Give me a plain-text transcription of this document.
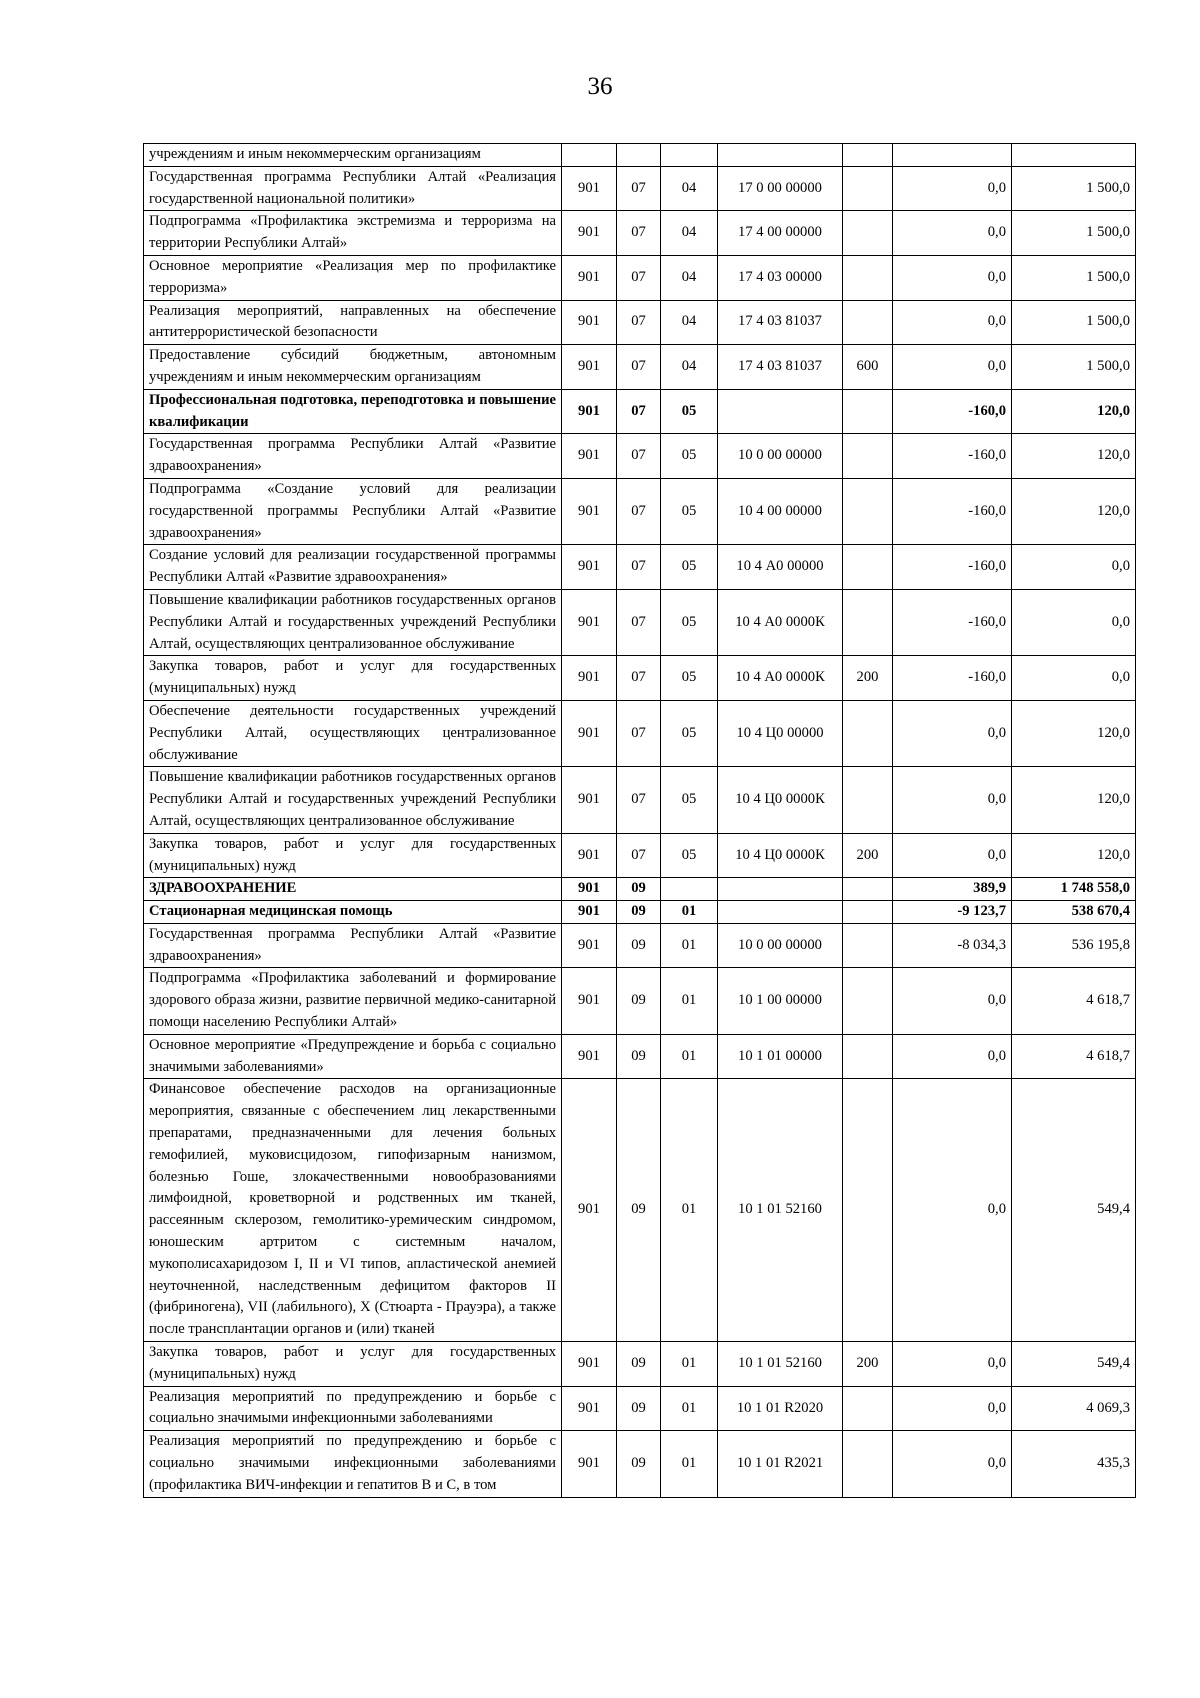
36
учреждениям и иным некоммерческим организациям							
Государственная программа Республики Алтай «Реализация государственной национальной политики»	901	07	04	17 0 00 00000		0,0	1 500,0
Подпрограмма «Профилактика экстремизма и терроризма на территории Республики Алтай»	901	07	04	17 4 00 00000		0,0	1 500,0
Основное мероприятие «Реализация мер по профилактике терроризма»	901	07	04	17 4 03 00000		0,0	1 500,0
Реализация мероприятий, направленных на обеспечение антитеррористической безопасности	901	07	04	17 4 03 81037		0,0	1 500,0
Предоставление субсидий бюджетным, автономным учреждениям и иным некоммерческим организациям	901	07	04	17 4 03 81037	600	0,0	1 500,0
Профессиональная подготовка, переподготовка и повышение квалификации	901	07	05			-160,0	120,0
Государственная программа Республики Алтай «Развитие здравоохранения»	901	07	05	10 0 00 00000		-160,0	120,0
Подпрограмма «Создание условий для реализации государственной программы Республики Алтай «Развитие здравоохранения»	901	07	05	10 4 00 00000		-160,0	120,0
Создание условий для реализации государственной программы Республики Алтай «Развитие здравоохранения»	901	07	05	10 4 А0 00000		-160,0	0,0
Повышение квалификации работников государственных органов Республики Алтай и государственных учреждений Республики Алтай, осуществляющих централизованное обслуживание	901	07	05	10 4 А0 0000К		-160,0	0,0
Закупка товаров, работ и услуг для государственных (муниципальных) нужд	901	07	05	10 4 А0 0000К	200	-160,0	0,0
Обеспечение деятельности государственных учреждений Республики Алтай, осуществляющих централизованное обслуживание	901	07	05	10 4 Ц0 00000		0,0	120,0
Повышение квалификации работников государственных органов Республики Алтай и государственных учреждений Республики Алтай, осуществляющих централизованное обслуживание	901	07	05	10 4 Ц0 0000К		0,0	120,0
Закупка товаров, работ и услуг для государственных (муниципальных) нужд	901	07	05	10 4 Ц0 0000К	200	0,0	120,0
ЗДРАВООХРАНЕНИЕ	901	09				389,9	1 748 558,0
Стационарная медицинская помощь	901	09	01			-9 123,7	538 670,4
Государственная программа Республики Алтай «Развитие здравоохранения»	901	09	01	10 0 00 00000		-8 034,3	536 195,8
Подпрограмма «Профилактика заболеваний и формирование здорового образа жизни, развитие первичной медико-санитарной помощи населению Республики Алтай»	901	09	01	10 1 00 00000		0,0	4 618,7
Основное мероприятие «Предупреждение и борьба с социально значимыми заболеваниями»	901	09	01	10 1 01 00000		0,0	4 618,7
Финансовое обеспечение расходов на организационные мероприятия, связанные с обеспечением лиц лекарственными препаратами, предназначенными для лечения больных гемофилией, муковисцидозом, гипофизарным нанизмом, болезнью Гоше, злокачественными новообразованиями лимфоидной, кроветворной и родственных им тканей, рассеянным склерозом, гемолитико-уремическим синдромом, юношеским артритом с системным началом, мукополисахаридозом I, II и VI типов, апластической анемией неуточненной, наследственным дефицитом факторов II (фибриногена), VII (лабильного), X (Стюарта - Прауэра), а также после трансплантации органов и (или) тканей	901	09	01	10 1 01 52160		0,0	549,4
Закупка товаров, работ и услуг для государственных (муниципальных) нужд	901	09	01	10 1 01 52160	200	0,0	549,4
Реализация мероприятий по предупреждению и борьбе с социально значимыми инфекционными заболеваниями	901	09	01	10 1 01 R2020		0,0	4 069,3
Реализация мероприятий по предупреждению и борьбе с социально значимыми инфекционными заболеваниями (профилактика ВИЧ-инфекции и гепатитов B и C, в том	901	09	01	10 1 01 R2021		0,0	435,3
